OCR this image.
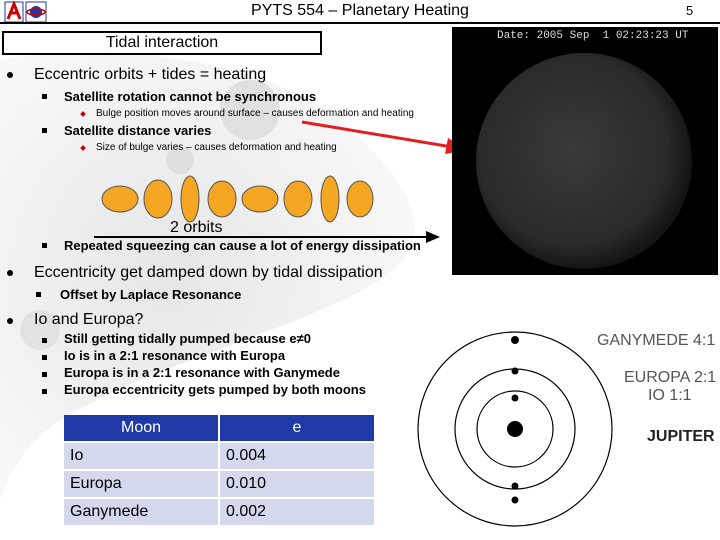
PYTS 554 – Planetary Heating	5
Tidal interaction
Eccentric orbits + tides = heating
Satellite rotation cannot be synchronous
Bulge position moves around surface – causes deformation and heating
Satellite distance varies
Size of bulge varies – causes deformation and heating
2 orbits
Repeated squeezing can cause a lot of energy dissipation
Eccentricity get damped down by tidal dissipation
Offset by Laplace Resonance
Io and Europa?
Still getting tidally pumped because e≠0
Io is in a 2:1 resonance with Europa
Europa is in a 2:1 resonance with Ganymede
Europa eccentricity gets pumped by both moons
Date: 2005 Sep  1 02:23:23 UT
GANYMEDE 4:1
EUROPA 2:1
IO 1:1
JUPITER
Moon	e
Io	0.004
Europa	0.010
Ganymede	0.002
